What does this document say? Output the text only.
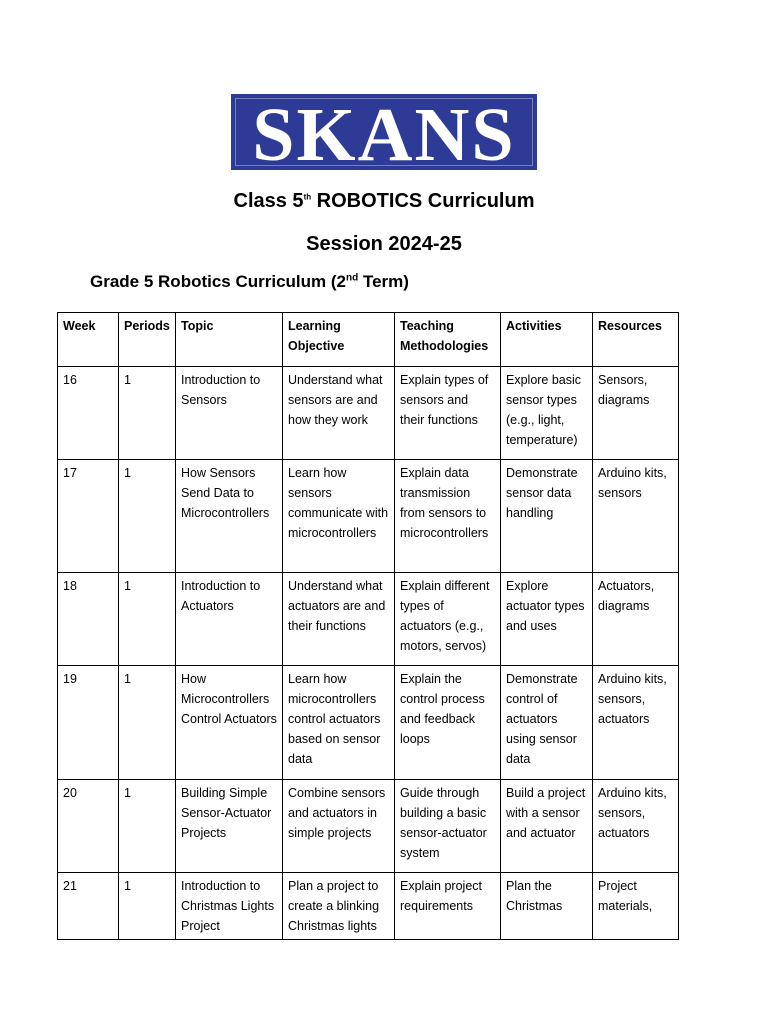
SKANS
Class 5th ROBOTICS Curriculum
Session 2024-25
Grade 5 Robotics Curriculum (2nd Term)
Week	Periods	Topic	Learning Objective	Teaching Methodologies	Activities	Resources
16	1	Introduction to Sensors	Understand what sensors are and how they work	Explain types of sensors and their functions	Explore basic sensor types (e.g., light, temperature)	Sensors, diagrams
17	1	How Sensors Send Data to Microcontrollers	Learn how sensors communicate with microcontrollers	Explain data transmission from sensors to microcontrollers	Demonstrate sensor data handling	Arduino kits, sensors
18	1	Introduction to Actuators	Understand what actuators are and their functions	Explain different types of actuators (e.g., motors, servos)	Explore actuator types and uses	Actuators, diagrams
19	1	How Microcontrollers Control Actuators	Learn how microcontrollers control actuators based on sensor data	Explain the control process and feedback loops	Demonstrate control of actuators using sensor data	Arduino kits, sensors, actuators
20	1	Building Simple Sensor-Actuator Projects	Combine sensors and actuators in simple projects	Guide through building a basic sensor-actuator system	Build a project with a sensor and actuator	Arduino kits, sensors, actuators
21	1	Introduction to Christmas Lights Project	Plan a project to create a blinking Christmas lights	Explain project requirements	Plan the Christmas	Project materials,
